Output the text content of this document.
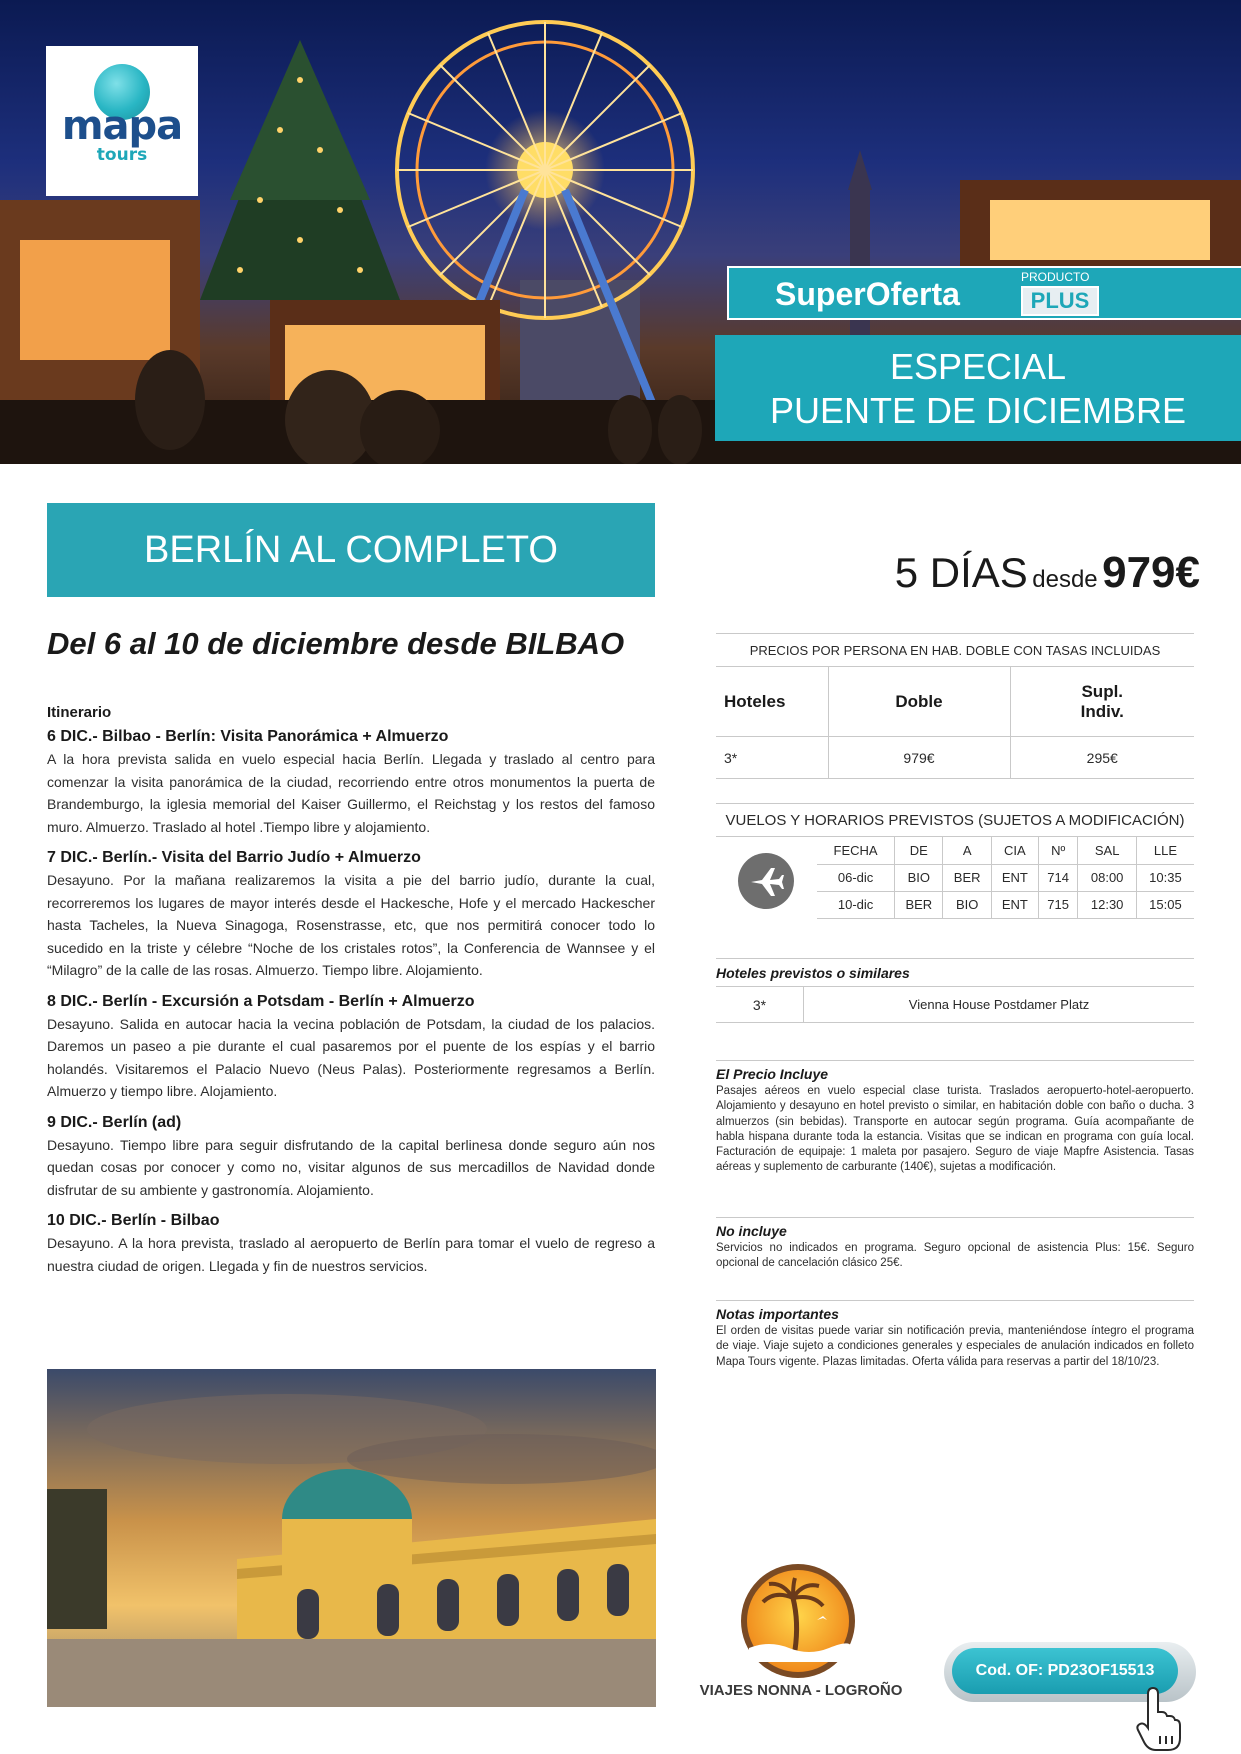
mapa
tours
SuperOferta	PRODUCTO
PLUS
ESPECIAL
PUENTE DE DICIEMBRE
BERLÍN AL COMPLETO
Del 6 al 10 de diciembre desde BILBAO
Itinerario
6 DIC.- Bilbao - Berlín: Visita Panorámica + Almuerzo
A la hora prevista salida en vuelo especial hacia Berlín. Llegada y traslado al centro para comenzar la visita panorámica de la ciudad, recorriendo entre otros monumentos la puerta de Brandemburgo, la iglesia memorial del Kaiser Guillermo, el Reichstag y los restos del famoso muro. Almuerzo. Traslado al hotel .Tiempo libre y alojamiento.
7 DIC.- Berlín.- Visita del Barrio Judío + Almuerzo
Desayuno. Por la mañana realizaremos la visita a pie del barrio judío, durante la cual, recorreremos los lugares de mayor interés desde el Hackesche, Hofe y el mercado Hackescher hasta Tacheles, la Nueva Sinagoga, Rosenstrasse, etc, que nos permitirá conocer todo lo sucedido en la triste y célebre “Noche de los cristales rotos”, la Conferencia de Wannsee y el “Milagro” de la calle de las rosas. Almuerzo. Tiempo libre. Alojamiento.
8 DIC.- Berlín - Excursión a Potsdam - Berlín + Almuerzo
Desayuno. Salida en autocar hacia la vecina población de Potsdam, la ciudad de los palacios. Daremos un paseo a pie durante el cual pasaremos por el puente de los espías y el barrio holandés. Visitaremos el Palacio Nuevo (Neus Palas). Posteriormente regresamos a Berlín. Almuerzo y tiempo libre. Alojamiento.
9 DIC.- Berlín (ad)
Desayuno. Tiempo libre para seguir disfrutando de la capital berlinesa donde seguro aún nos quedan cosas por conocer y como no, visitar algunos de sus mercadillos de Navidad donde disfrutar de su ambiente y gastronomía. Alojamiento.
10 DIC.- Berlín - Bilbao
Desayuno. A la hora prevista, traslado al aeropuerto de Berlín para tomar el vuelo de regreso a nuestra ciudad de origen. Llegada y fin de nuestros servicios.
5 DÍAS desde 979€
PRECIOS POR PERSONA EN HAB. DOBLE CON TASAS INCLUIDAS		
Hoteles	Doble	Supl.
Indiv.
3*	979€	295€
VUELOS Y HORARIOS PREVISTOS (SUJETOS A MODIFICACIÓN)
FECHA	DE	A	CIA	Nº	SAL	LLE
06-dic	BIO	BER	ENT	714	08:00	10:35
10-dic	BER	BIO	ENT	715	12:30	15:05
Hoteles previstos o similares
3*	Vienna House Postdamer Platz
El Precio Incluye
Pasajes aéreos en vuelo especial clase turista. Traslados aeropuerto-hotel-aeropuerto. Alojamiento y desayuno en hotel previsto o similar, en habitación doble con baño o ducha. 3 almuerzos (sin bebidas). Transporte en autocar según programa. Guía acompañante de habla hispana durante toda la estancia. Visitas que se indican en programa con guía local. Facturación de equipaje: 1 maleta por pasajero. Seguro de viaje Mapfre Asistencia. Tasas aéreas y suplemento de carburante (140€), sujetas a modificación.
No incluye
Servicios no indicados en programa. Seguro opcional de asistencia Plus: 15€. Seguro opcional de cancelación clásico 25€.
Notas importantes
El orden de visitas puede variar sin notificación previa, manteniéndose íntegro el programa de viaje. Viaje sujeto a condiciones generales y especiales de anulación indicados en folleto Mapa Tours vigente. Plazas limitadas. Oferta válida para reservas a partir del 18/10/23.
VIAJES NONNA - LOGROÑO
Cod. OF: PD23OF15513
